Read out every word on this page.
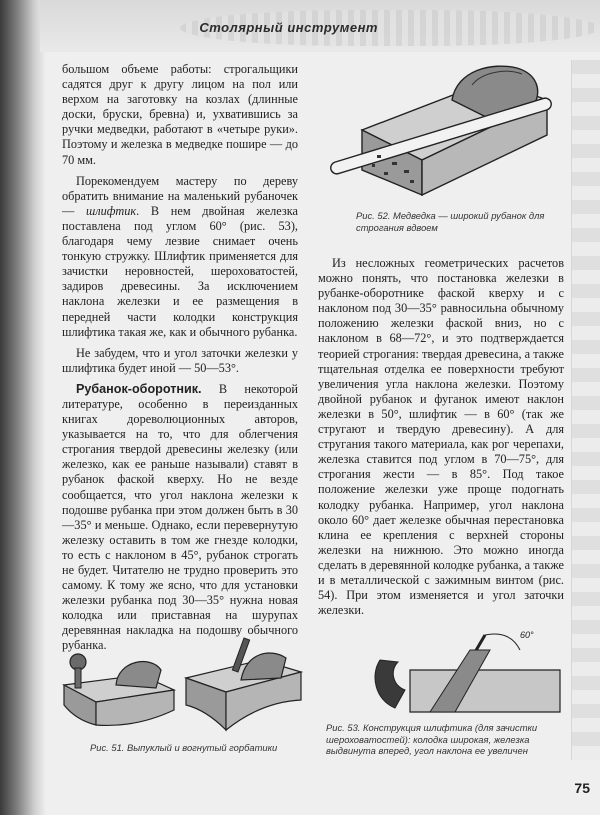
Столярный инструмент

большом объеме работы: строгальщики садятся друг к другу лицом на пол или верхом на заготовку на козлах (длинные доски, бруски, бревна) и, ухватившись за ручки медведки, работают в «четыре руки». Поэтому и железка в медведке пошире — до 70 мм.

Порекомендуем мастеру по дереву обратить внимание на маленький рубаночек — шлифтик. В нем двойная железка поставлена под углом 60° (рис. 53), благодаря чему лезвие снимает очень тонкую стружку. Шлифтик применяется для зачистки неровностей, шероховатостей, задиров древесины. За исключением наклона железки и ее размещения в передней части колодки конструкция шлифтика такая же, как и обычного рубанка.

Не забудем, что и угол заточки железки у шлифтика будет иной — 50—53°.

Рубанок-оборотник. В некоторой литературе, особенно в переизданных книгах дореволюционных авторов, указывается на то, что для облегчения строгания твердой древесины железку (или железко, как ее раньше называли) ставят в рубанок фаской кверху. Но не везде сообщается, что угол наклона железки к подошве рубанка при этом должен быть в 30—35° и меньше. Однако, если перевернутую железку оставить в том же гнезде колодки, то есть с наклоном в 45°, рубанок строгать не будет. Читателю не трудно проверить это самому. К тому же ясно, что для установки железки рубанка под 30—35° нужна новая колодка или приставная на шурупах деревянная накладка на подошву обычного рубанка.

Рис. 52. Медведка — широкий рубанок для строгания вдвоем

Из несложных геометрических расчетов можно понять, что постановка железки в рубанке-оборотнике фаской кверху и с наклоном под 30—35° равносильна обычному положению железки фаской вниз, но с наклоном в 68—72°, и это подтверждается теорией строгания: твердая древесина, а также тщательная отделка ее поверхности требуют увеличения угла наклона железки. Поэтому двойной рубанок и фуганок имеют наклон железки в 50°, шлифтик — в 60° (так же стругают и твердую древесину). А для стругания такого материала, как рог черепахи, железка ставится под углом в 70—75°, для строгания жести — в 85°. Под такое положение железки уже проще подогнать колодку рубанка. Например, угол наклона около 60° дает железке обычная перестановка клина ее крепления с верхней стороны железки на нижнюю. Это можно иногда сделать в деревянной колодке рубанка, а также и в металлической с зажимным винтом (рис. 54). При этом изменяется и угол заточки железки.

Рис. 51. Выпуклый и вогнутый горбатики
60°
Рис. 53. Конструкция шлифтика (для зачистки шероховатостей): колодка широкая, железка выдвинута вперед, угол наклона ее увеличен
75
